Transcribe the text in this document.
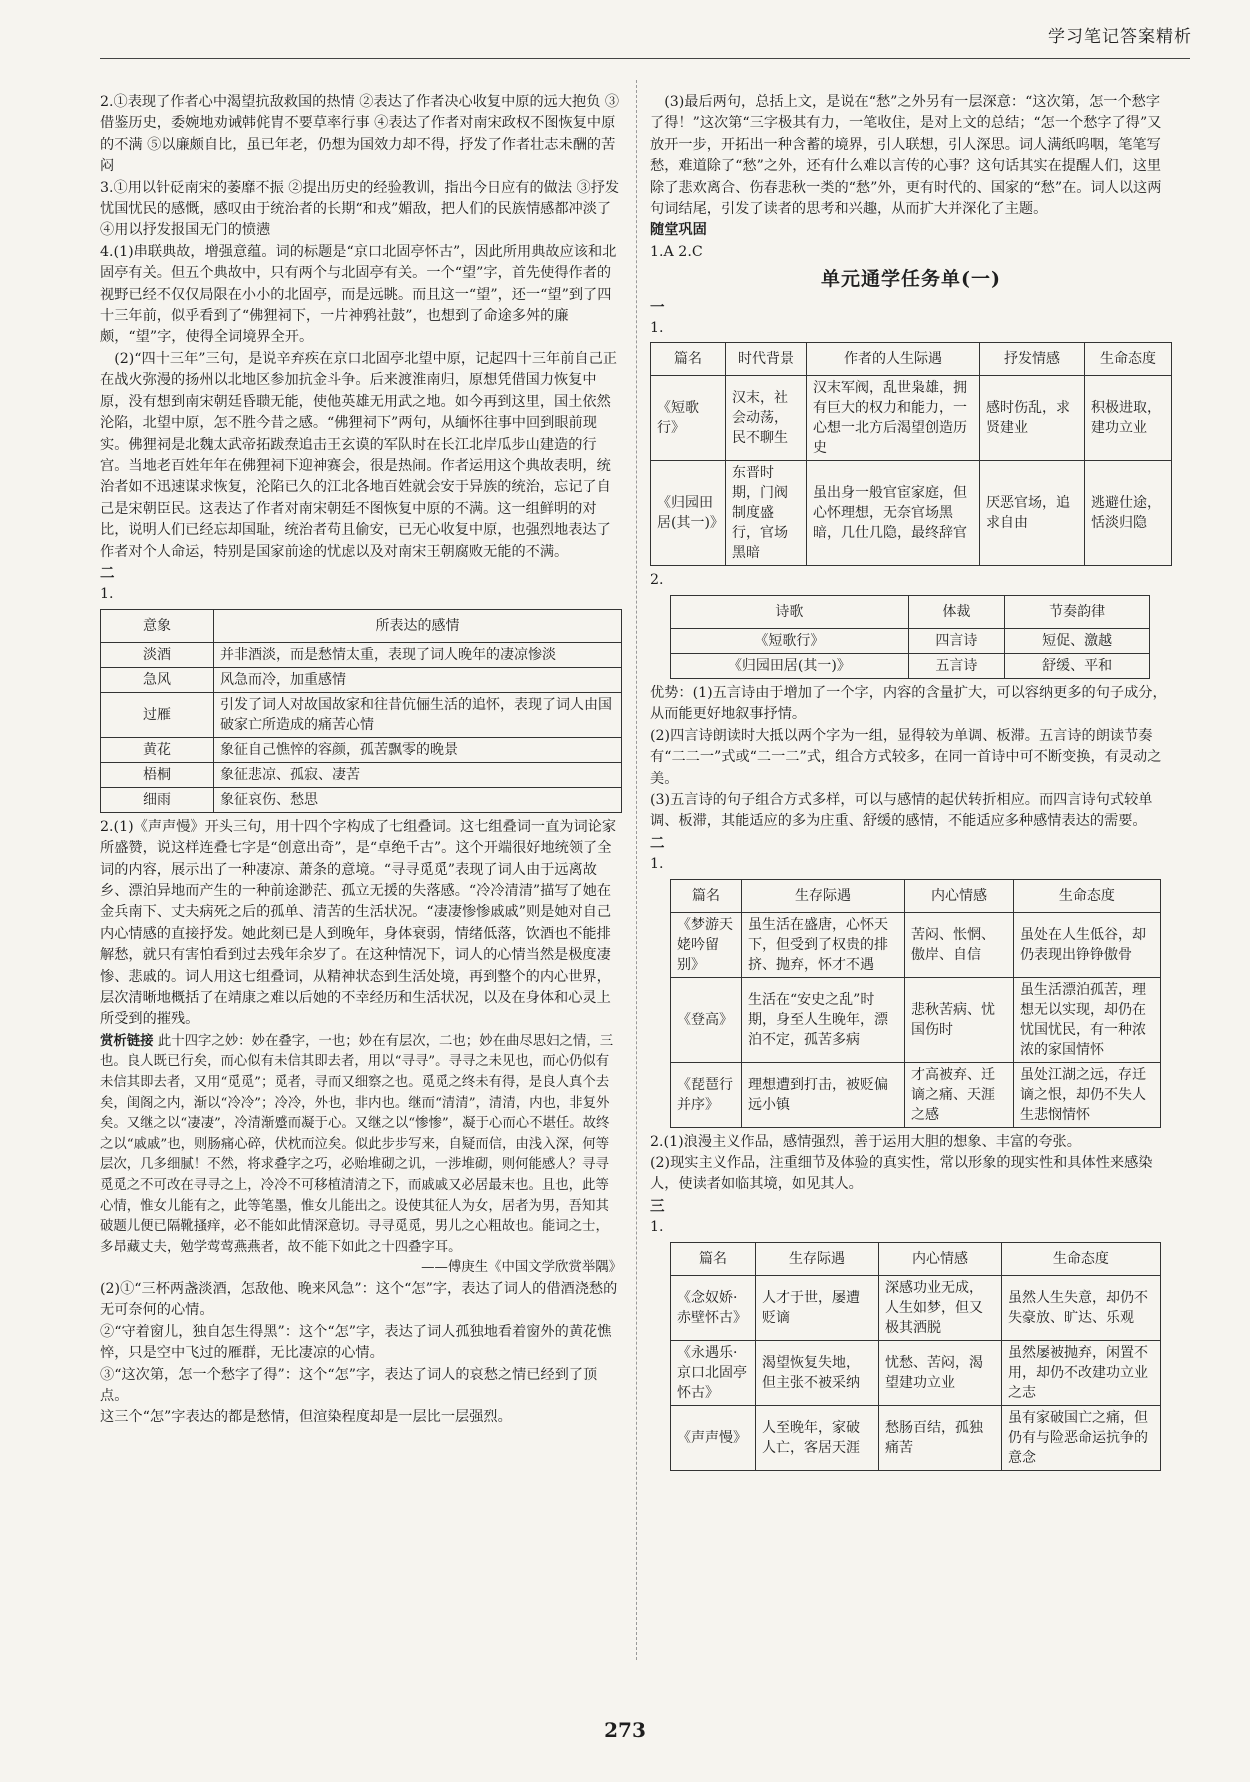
学习笔记答案精析

2.①表现了作者心中渴望抗敌救国的热情 ②表达了作者决心收复中原的远大抱负 ③借鉴历史，委婉地劝诫韩侂胄不要草率行事 ④表达了作者对南宋政权不图恢复中原的不满 ⑤以廉颇自比，虽已年老，仍想为国效力却不得，抒发了作者壮志未酬的苦闷

3.①用以针砭南宋的萎靡不振 ②提出历史的经验教训，指出今日应有的做法 ③抒发忧国忧民的感慨，感叹由于统治者的长期“和戎”媚敌，把人们的民族情感都冲淡了 ④用以抒发报国无门的愤懑

4.(1)串联典故，增强意蕴。词的标题是“京口北固亭怀古”，因此所用典故应该和北固亭有关。但五个典故中，只有两个与北固亭有关。一个“望”字，首先使得作者的视野已经不仅仅局限在小小的北固亭，而是远眺。而且这一“望”，还一“望”到了四十三年前，似乎看到了“佛狸祠下，一片神鸦社鼓”，也想到了命途多舛的廉颇，“望”字，使得全词境界全开。

(2)“四十三年”三句，是说辛弃疾在京口北固亭北望中原，记起四十三年前自己正在战火弥漫的扬州以北地区参加抗金斗争。后来渡淮南归，原想凭借国力恢复中原，没有想到南宋朝廷昏聩无能，使他英雄无用武之地。如今再到这里，国土依然沦陷，北望中原，怎不胜今昔之感。“佛狸祠下”两句，从缅怀往事中回到眼前现实。佛狸祠是北魏太武帝拓跋焘追击王玄谟的军队时在长江北岸瓜步山建造的行宫。当地老百姓年年在佛狸祠下迎神赛会，很是热闹。作者运用这个典故表明，统治者如不迅速谋求恢复，沦陷已久的江北各地百姓就会安于异族的统治，忘记了自己是宋朝臣民。这表达了作者对南宋朝廷不图恢复中原的不满。这一组鲜明的对比，说明人们已经忘却国耻，统治者苟且偷安，已无心收复中原，也强烈地表达了作者对个人命运，特别是国家前途的忧虑以及对南宋王朝腐败无能的不满。

二

1.

意象	所表达的感情
淡酒	并非酒淡，而是愁情太重，表现了词人晚年的凄凉惨淡
急风	风急而冷，加重感情
过雁	引发了词人对故国故家和往昔伉俪生活的追怀，表现了词人由国破家亡所造成的痛苦心情
黄花	象征自己憔悴的容颜，孤苦飘零的晚景
梧桐	象征悲凉、孤寂、凄苦
细雨	象征哀伤、愁思

2.(1)《声声慢》开头三句，用十四个字构成了七组叠词。这七组叠词一直为词论家所盛赞，说这样连叠七字是“创意出奇”，是“卓绝千古”。这个开端很好地统领了全词的内容，展示出了一种凄凉、萧条的意境。“寻寻觅觅”表现了词人由于远离故乡、漂泊异地而产生的一种前途渺茫、孤立无援的失落感。“冷冷清清”描写了她在金兵南下、丈夫病死之后的孤单、清苦的生活状况。“凄凄惨惨戚戚”则是她对自己内心情感的直接抒发。她此刻已是人到晚年，身体衰弱，情绪低落，饮酒也不能排解愁，就只有害怕看到过去残年余岁了。在这种情况下，词人的心情当然是极度凄惨、悲戚的。词人用这七组叠词，从精神状态到生活处境，再到整个的内心世界，层次清晰地概括了在靖康之难以后她的不幸经历和生活状况，以及在身体和心灵上所受到的摧残。

赏析链接 此十四字之妙：妙在叠字，一也；妙在有层次，二也；妙在曲尽思妇之情，三也。良人既已行矣，而心似有未信其即去者，用以“寻寻”。寻寻之未见也，而心仍似有未信其即去者，又用“觅觅”；觅者，寻而又细察之也。觅觅之终未有得，是良人真个去矣，闺阁之内，渐以“冷冷”；冷冷，外也，非内也。继而“清清”，清清，内也，非复外矣。又继之以“凄凄”，冷清渐蹙而凝于心。又继之以“惨惨”，凝于心而心不堪任。故终之以“戚戚”也，则肠痛心碎，伏枕而泣矣。似此步步写来，自疑而信，由浅入深，何等层次，几多细腻！不然，将求叠字之巧，必贻堆砌之讥，一涉堆砌，则何能感人？寻寻觅觅之不可改在寻寻之上，冷冷不可移植清清之下，而戚戚又必居最末也。且也，此等心情，惟女儿能有之，此等笔墨，惟女儿能出之。设使其征人为女，居者为男，吾知其破题儿便已隔靴搔痒，必不能如此情深意切。寻寻觅觅，男儿之心粗故也。能词之士，多昂藏丈夫，勉学莺莺燕燕者，故不能下如此之十四叠字耳。

——傅庚生《中国文学欣赏举隅》

(2)①“三杯两盏淡酒，怎敌他、晚来风急”：这个“怎”字，表达了词人的借酒浇愁的无可奈何的心情。

②“守着窗儿，独自怎生得黑”：这个“怎”字，表达了词人孤独地看着窗外的黄花憔悴，只是空中飞过的雁群，无比凄凉的心情。

③“这次第，怎一个愁字了得”：这个“怎”字，表达了词人的哀愁之情已经到了顶点。

这三个“怎”字表达的都是愁情，但渲染程度却是一层比一层强烈。

(3)最后两句，总括上文，是说在“愁”之外另有一层深意：“这次第，怎一个愁字了得！”这次第“三字极其有力，一笔收住，是对上文的总结；“怎一个愁字了得”又放开一步，开拓出一种含蓄的境界，引人联想，引人深思。词人满纸呜咽，笔笔写愁，难道除了“愁”之外，还有什么难以言传的心事？这句话其实在提醒人们，这里除了悲欢离合、伤春悲秋一类的“愁”外，更有时代的、国家的“愁”在。词人以这两句词结尾，引发了读者的思考和兴趣，从而扩大并深化了主题。

随堂巩固

1.A 2.C

单元通学任务单(一)

一

1.

篇名	时代背景	作者的人生际遇	抒发情感	生命态度
《短歌行》	汉末，社会动荡，民不聊生	汉末军阀，乱世枭雄，拥有巨大的权力和能力，一心想一北方后渴望创造历史	感时伤乱，求贤建业	积极进取，建功立业
《归园田居(其一)》	东晋时期，门阀制度盛行，官场黑暗	虽出身一般官宦家庭，但心怀理想，无奈官场黑暗，几仕几隐，最终辞官	厌恶官场，追求自由	逃避仕途，恬淡归隐

2.

诗歌	体裁	节奏韵律
《短歌行》	四言诗	短促、激越
《归园田居(其一)》	五言诗	舒缓、平和

优势：(1)五言诗由于增加了一个字，内容的含量扩大，可以容纳更多的句子成分，从而能更好地叙事抒情。

(2)四言诗朗读时大抵以两个字为一组，显得较为单调、板滞。五言诗的朗读节奏有“二二一”式或“二一二”式，组合方式较多，在同一首诗中可不断变换，有灵动之美。

(3)五言诗的句子组合方式多样，可以与感情的起伏转折相应。而四言诗句式较单调、板滞，其能适应的多为庄重、舒缓的感情，不能适应多种感情表达的需要。

二

1.

篇名	生存际遇	内心情感	生命态度
《梦游天姥吟留别》	虽生活在盛唐，心怀天下，但受到了权贵的排挤、抛弃，怀才不遇	苦闷、怅惘、傲岸、自信	虽处在人生低谷，却仍表现出铮铮傲骨
《登高》	生活在“安史之乱”时期，身至人生晚年，漂泊不定，孤苦多病	悲秋苦病、忧国伤时	虽生活漂泊孤苦，理想无以实现，却仍在忧国忧民，有一种浓浓的家国情怀
《琵琶行并序》	理想遭到打击，被贬偏远小镇	才高被弃、迁谪之痛、天涯之感	虽处江湖之远，存迁谪之恨，却仍不失人生悲悯情怀

2.(1)浪漫主义作品，感情强烈，善于运用大胆的想象、丰富的夸张。

(2)现实主义作品，注重细节及体验的真实性，常以形象的现实性和具体性来感染人，使读者如临其境，如见其人。

三

1.

篇名	生存际遇	内心情感	生命态度
《念奴娇·赤壁怀古》	人才于世，屡遭贬谪	深感功业无成，人生如梦，但又极其洒脱	虽然人生失意，却仍不失豪放、旷达、乐观
《永遇乐·京口北固亭怀古》	渴望恢复失地，但主张不被采纳	忧愁、苦闷，渴望建功立业	虽然屡被抛弃，闲置不用，却仍不改建功立业之志
《声声慢》	人至晚年，家破人亡，客居天涯	愁肠百结，孤独痛苦	虽有家破国亡之痛，但仍有与险恶命运抗争的意念
273
